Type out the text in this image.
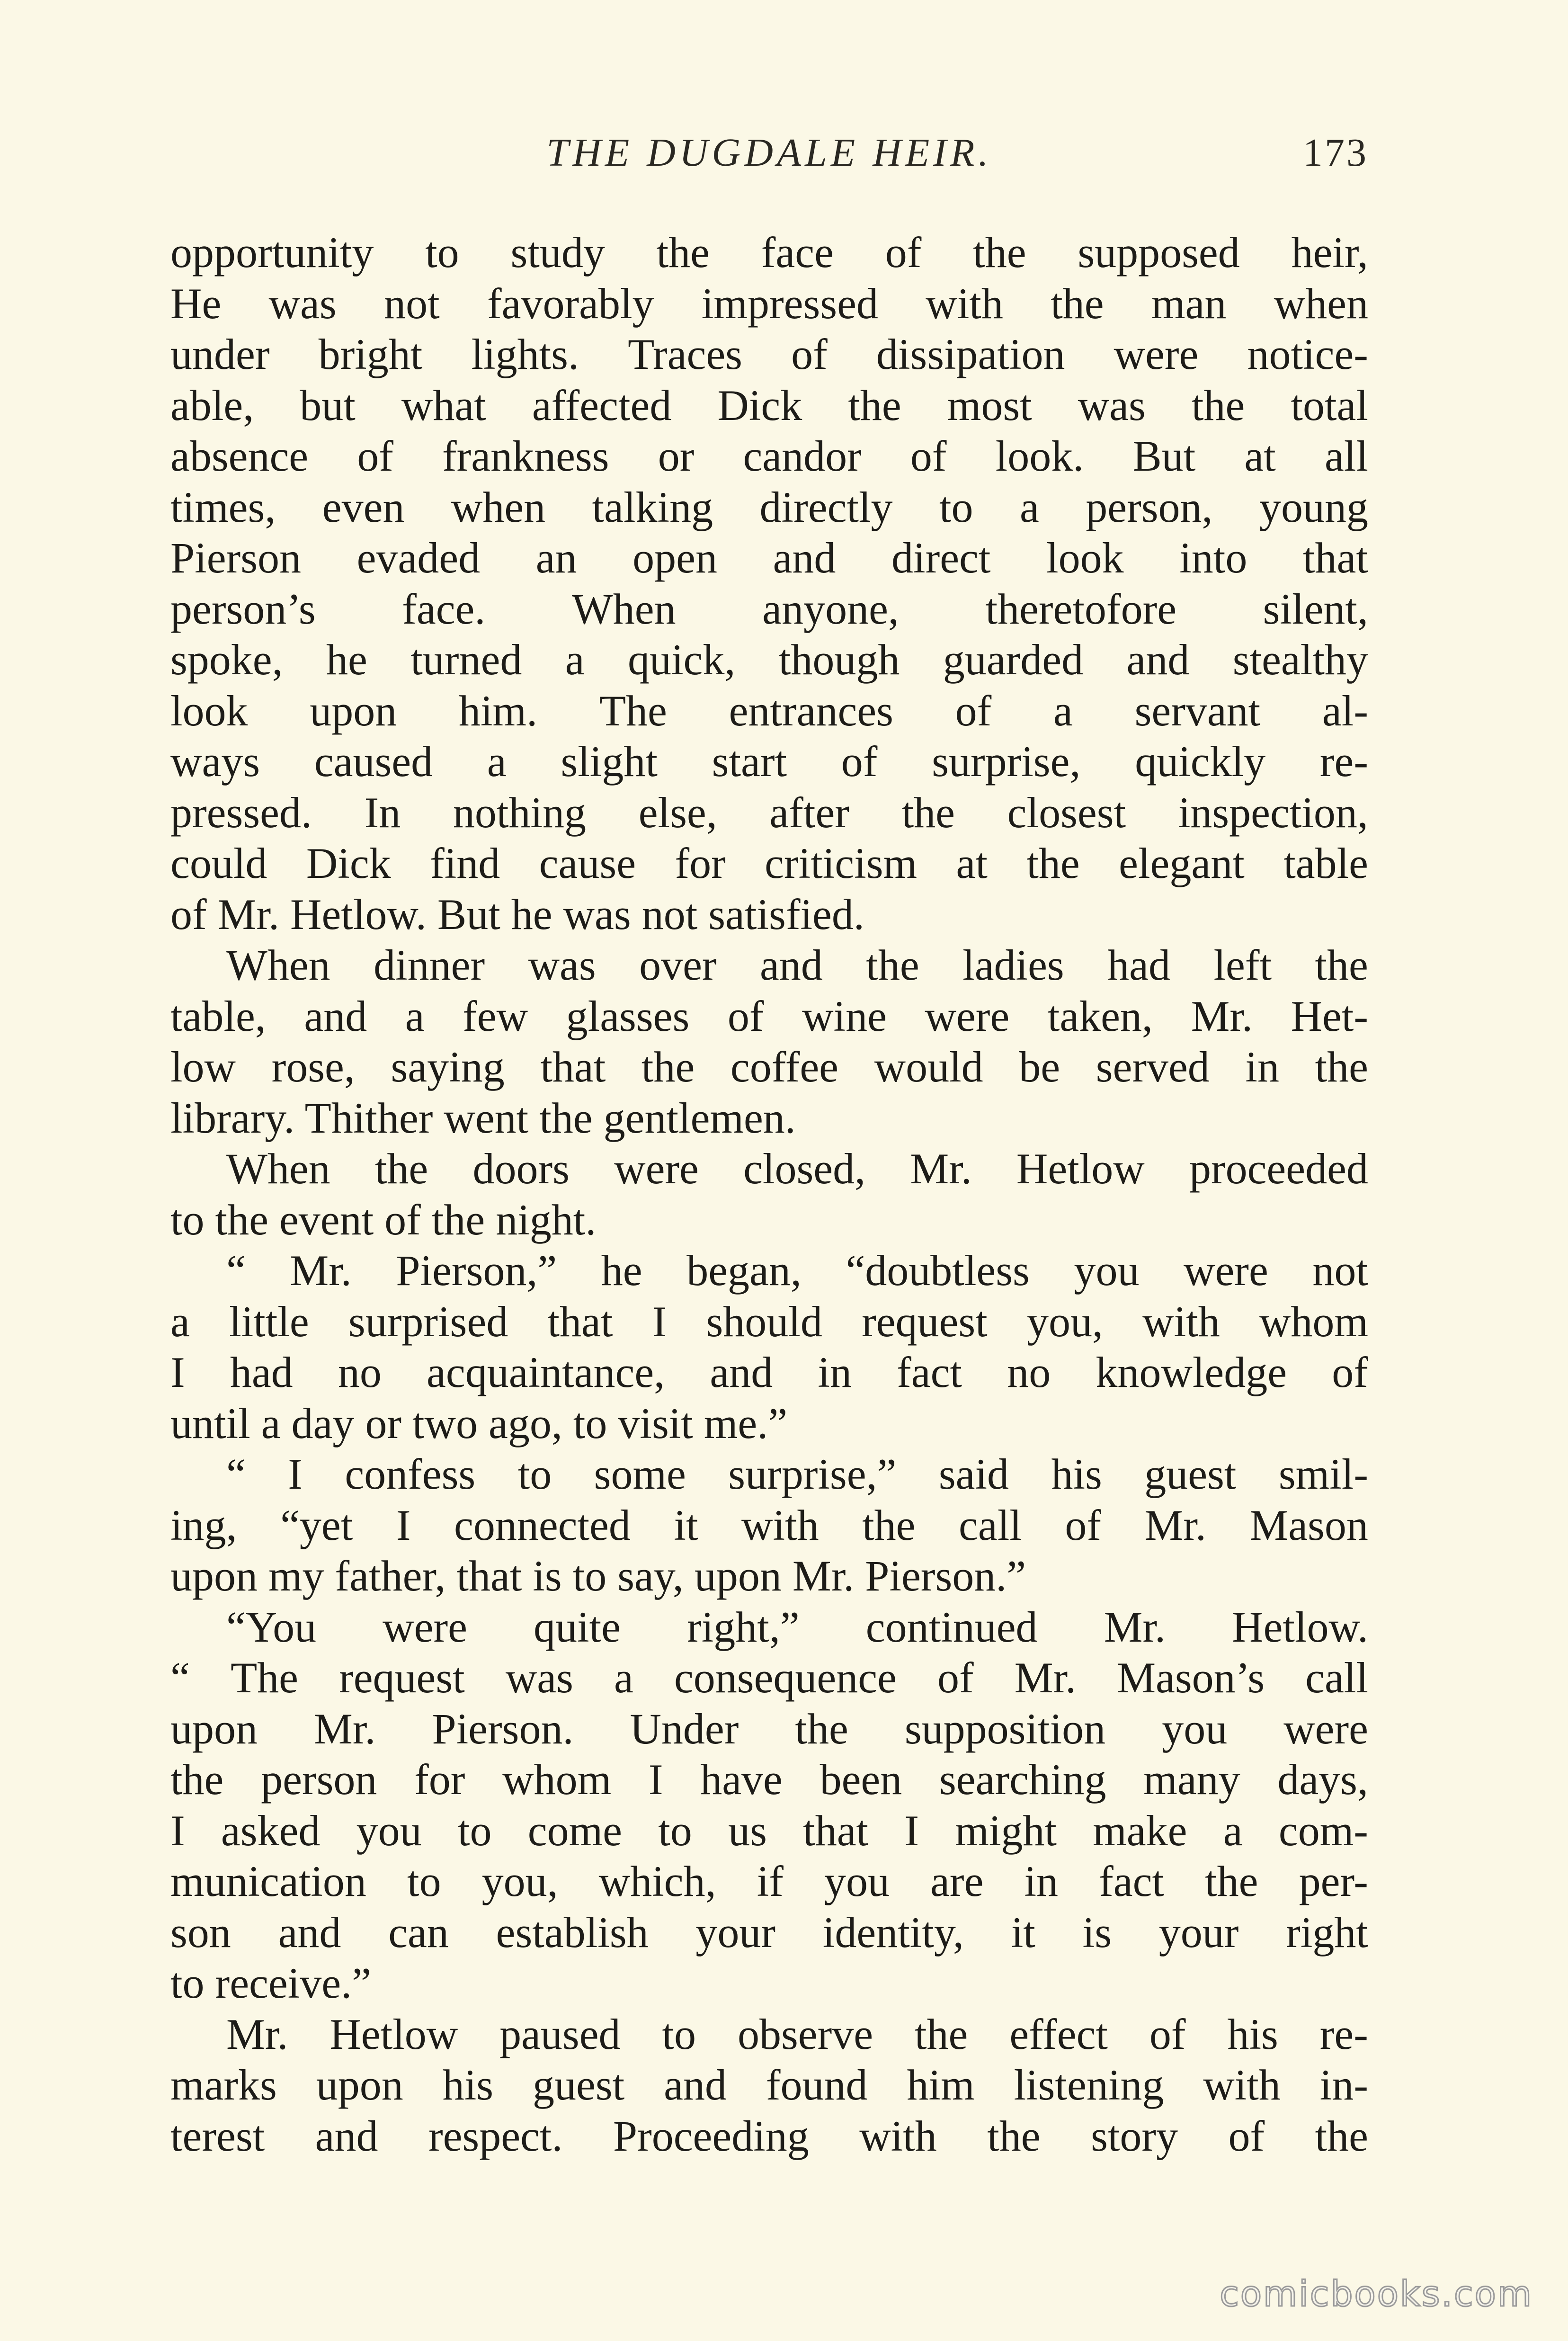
THE DUGDALE HEIR.	173
opportunity to study the face of the supposed heir,
He was not favorably impressed with the man when
under bright lights. Traces of dissipation were notice-
able, but what affected Dick the most was the total
absence of frankness or candor of look. But at all
times, even when talking directly to a person, young
Pierson evaded an open and direct look into that
person’s face. When anyone, theretofore silent,
spoke, he turned a quick, though guarded and stealthy
look upon him. The entrances of a servant al-
ways caused a slight start of surprise, quickly re-
pressed. In nothing else, after the closest inspection,
could Dick find cause for criticism at the elegant table
of Mr. Hetlow. But he was not satisfied.
When dinner was over and the ladies had left the
table, and a few glasses of wine were taken, Mr. Het-
low rose, saying that the coffee would be served in the
library. Thither went the gentlemen.
When the doors were closed, Mr. Hetlow proceeded
to the event of the night.
“ Mr. Pierson,” he began, “doubtless you were not
a little surprised that I should request you, with whom
I had no acquaintance, and in fact no knowledge of
until a day or two ago, to visit me.”
“ I confess to some surprise,” said his guest smil-
ing, “yet I connected it with the call of Mr. Mason
upon my father, that is to say, upon Mr. Pierson.”
“You were quite right,” continued Mr. Hetlow.
“ The request was a consequence of Mr. Mason’s call
upon Mr. Pierson. Under the supposition you were
the person for whom I have been searching many days,
I asked you to come to us that I might make a com-
munication to you, which, if you are in fact the per-
son and can establish your identity, it is your right
to receive.”
Mr. Hetlow paused to observe the effect of his re-
marks upon his guest and found him listening with in-
terest and respect. Proceeding with the story of the
comicbooks.com
